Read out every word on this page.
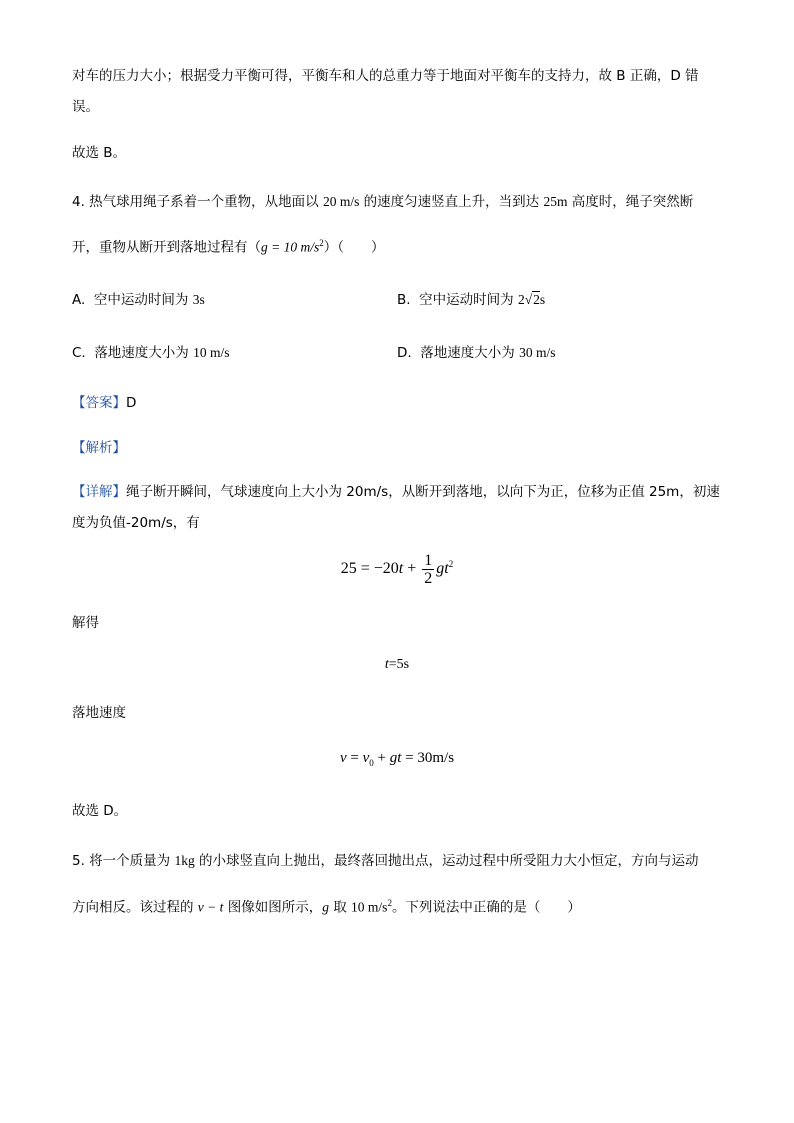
对车的压力大小；根据受力平衡可得，平衡车和人的总重力等于地面对平衡车的支持力，故 B 正确，D 错
误。
故选 B。
4. 热气球用绳子系着一个重物，从地面以 20 m/s 的速度匀速竖直上升，当到达 25m 高度时，绳子突然断
开，重物从断开到落地过程有（g = 10 $m/s^2$）（　　）
A. 空中运动时间为 3s	B. 空中运动时间为 2√2s
C. 落地速度大小为 10 m/s	D. 落地速度大小为 30 m/s
【答案】D
【解析】
【详解】绳子断开瞬间，气球速度向上大小为 20m/s，从断开到落地，以向下为正，位移为正值 25m，初速
度为负值-20m/s，有
$25 = -20t + \frac{1}{2} gt^2$
解得
t=5s
落地速度
$v = v_0$ + gt = 30m/s
故选 D。
5. 将一个质量为 1kg 的小球竖直向上抛出，最终落回抛出点，运动过程中所受阻力大小恒定，方向与运动
方向相反。该过程的 v − t 图像如图所示，g 取 10 $m/s^2$。下列说法中正确的是（　　）
